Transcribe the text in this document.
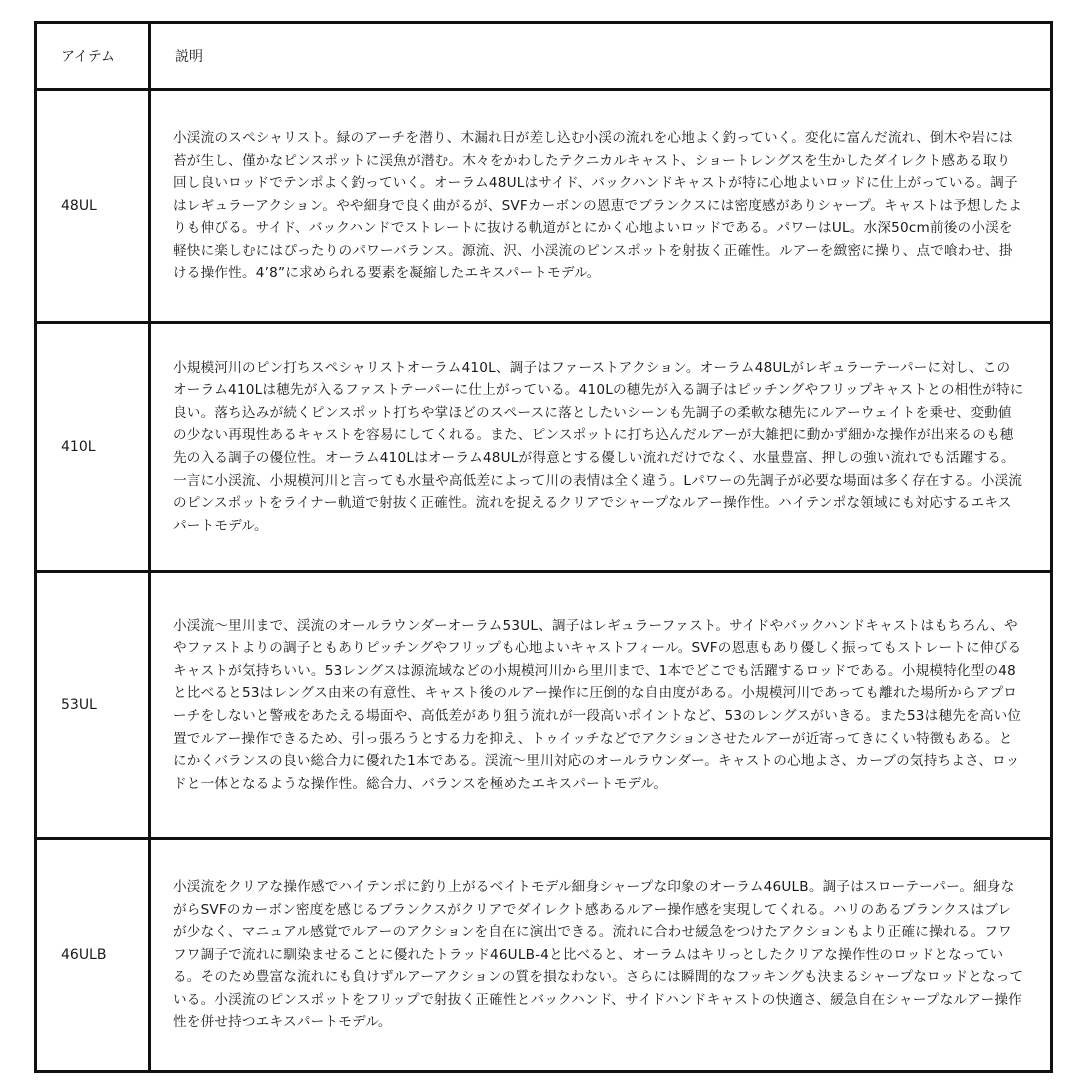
アイテム	説明
48UL	小渓流のスペシャリスト。緑のアーチを潜り、木漏れ日が差し込む小渓の流れを心地よく釣っていく。変化に富んだ流れ、倒木や岩には苔が生し、僅かなピンスポットに渓魚が潜む。木々をかわしたテクニカルキャスト、ショートレングスを生かしたダイレクト感ある取り回し良いロッドでテンポよく釣っていく。オーラム48ULはサイド、バックハンドキャストが特に心地よいロッドに仕上がっている。調子はレギュラーアクション。やや細身で良く曲がるが、SVFカーボンの恩恵でブランクスには密度感がありシャープ。キャストは予想したよりも伸びる。サイド、バックハンドでストレートに抜ける軌道がとにかく心地よいロッドである。パワーはUL。水深50cm前後の小渓を軽快に楽しむにはぴったりのパワーバランス。源流、沢、小渓流のピンスポットを射抜く正確性。ルアーを緻密に操り、点で喰わせ、掛ける操作性。4’8”に求められる要素を凝縮したエキスパートモデル。
410L	小規模河川のピン打ちスペシャリストオーラム410L、調子はファーストアクション。オーラム48ULがレギュラーテーパーに対し、このオーラム410Lは穂先が入るファストテーパーに仕上がっている。410Lの穂先が入る調子はピッチングやフリップキャストとの相性が特に良い。落ち込みが続くピンスポット打ちや掌ほどのスペースに落としたいシーンも先調子の柔軟な穂先にルアーウェイトを乗せ、変動値の少ない再現性あるキャストを容易にしてくれる。また、ピンスポットに打ち込んだルアーが大雑把に動かず細かな操作が出来るのも穂先の入る調子の優位性。オーラム410Lはオーラム48ULが得意とする優しい流れだけでなく、水量豊富、押しの強い流れでも活躍する。一言に小渓流、小規模河川と言っても水量や高低差によって川の表情は全く違う。Lパワーの先調子が必要な場面は多く存在する。小渓流のピンスポットをライナー軌道で射抜く正確性。流れを捉えるクリアでシャープなルアー操作性。ハイテンポな領域にも対応するエキスパートモデル。
53UL	小渓流〜里川まで、渓流のオールラウンダーオーラム53UL、調子はレギュラーファスト。サイドやバックハンドキャストはもちろん、ややファストよりの調子ともありピッチングやフリップも心地よいキャストフィール。SVFの恩恵もあり優しく振ってもストレートに伸びるキャストが気持ちいい。53レングスは源流域などの小規模河川から里川まで、1本でどこでも活躍するロッドである。小規模特化型の48と比べると53はレングス由来の有意性、キャスト後のルアー操作に圧倒的な自由度がある。小規模河川であっても離れた場所からアプローチをしないと警戒をあたえる場面や、高低差があり狙う流れが一段高いポイントなど、53のレングスがいきる。また53は穂先を高い位置でルアー操作できるため、引っ張ろうとする力を抑え、トゥイッチなどでアクションさせたルアーが近寄ってきにくい特徴もある。とにかくバランスの良い総合力に優れた1本である。渓流〜里川対応のオールラウンダー。キャストの心地よさ、カーブの気持ちよさ、ロッドと一体となるような操作性。総合力、バランスを極めたエキスパートモデル。
46ULB	小渓流をクリアな操作感でハイテンポに釣り上がるベイトモデル細身シャープな印象のオーラム46ULB。調子はスローテーパー。細身ながらSVFのカーボン密度を感じるブランクスがクリアでダイレクト感あるルアー操作感を実現してくれる。ハリのあるブランクスはブレが少なく、マニュアル感覚でルアーのアクションを自在に演出できる。流れに合わせ緩急をつけたアクションもより正確に操れる。フワフワ調子で流れに馴染ませることに優れたトラッド46ULB-4と比べると、オーラムはキリっとしたクリアな操作性のロッドとなっている。そのため豊富な流れにも負けずルアーアクションの質を損なわない。さらには瞬間的なフッキングも決まるシャープなロッドとなっている。小渓流のピンスポットをフリップで射抜く正確性とバックハンド、サイドハンドキャストの快適さ、緩急自在シャープなルアー操作性を併せ持つエキスパートモデル。
